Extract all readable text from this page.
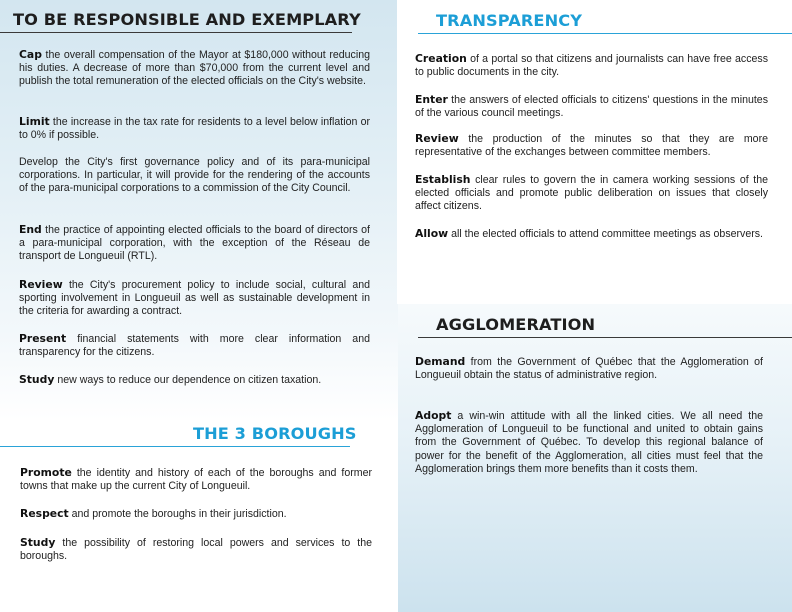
TO BE RESPONSIBLE AND EXEMPLARY
Cap the overall compensation of the Mayor at $180,000 without reducing his duties. A decrease of more than $70,000 from the current level and publish the total remuneration of the elected officials on the City's website.
Limit the increase in the tax rate for residents to a level below inflation or to 0% if possible.
Develop the City's first governance policy and of its para-municipal corporations. In particular, it will provide for the rendering of the accounts of the para-municipal corporations to a commission of the City Council.
End the practice of appointing elected officials to the board of directors of a para-municipal corporation, with the exception of the Réseau de transport de Longueuil (RTL).
Review the City's procurement policy to include social, cultural and sporting involvement in Longueuil as well as sustainable development in the criteria for awarding a contract.
Present financial statements with more clear information and transparency for the citizens.
Study new ways to reduce our dependence on citizen taxation.
THE 3 BOROUGHS
Promote the identity and history of each of the boroughs and former towns that make up the current City of Longueuil.
Respect and promote the boroughs in their jurisdiction.
Study the possibility of restoring local powers and services to the boroughs.
TRANSPARENCY
Creation of a portal so that citizens and journalists can have free access to public documents in the city.
Enter the answers of elected officials to citizens' questions in the minutes of the various council meetings.
Review the production of the minutes so that they are more representative of the exchanges between committee members.
Establish clear rules to govern the in camera working sessions of the elected officials and promote public deliberation on issues that closely affect citizens.
Allow all the elected officials to attend committee meetings as observers.
AGGLOMERATION
Demand from the Government of Québec that the Agglomeration of Longueuil obtain the status of administrative region.
Adopt a win-win attitude with all the linked cities. We all need the Agglomeration of Longueuil to be functional and united to obtain gains from the Government of Québec. To develop this regional balance of power for the benefit of the Agglomeration, all cities must feel that the Agglomeration brings them more benefits than it costs them.
